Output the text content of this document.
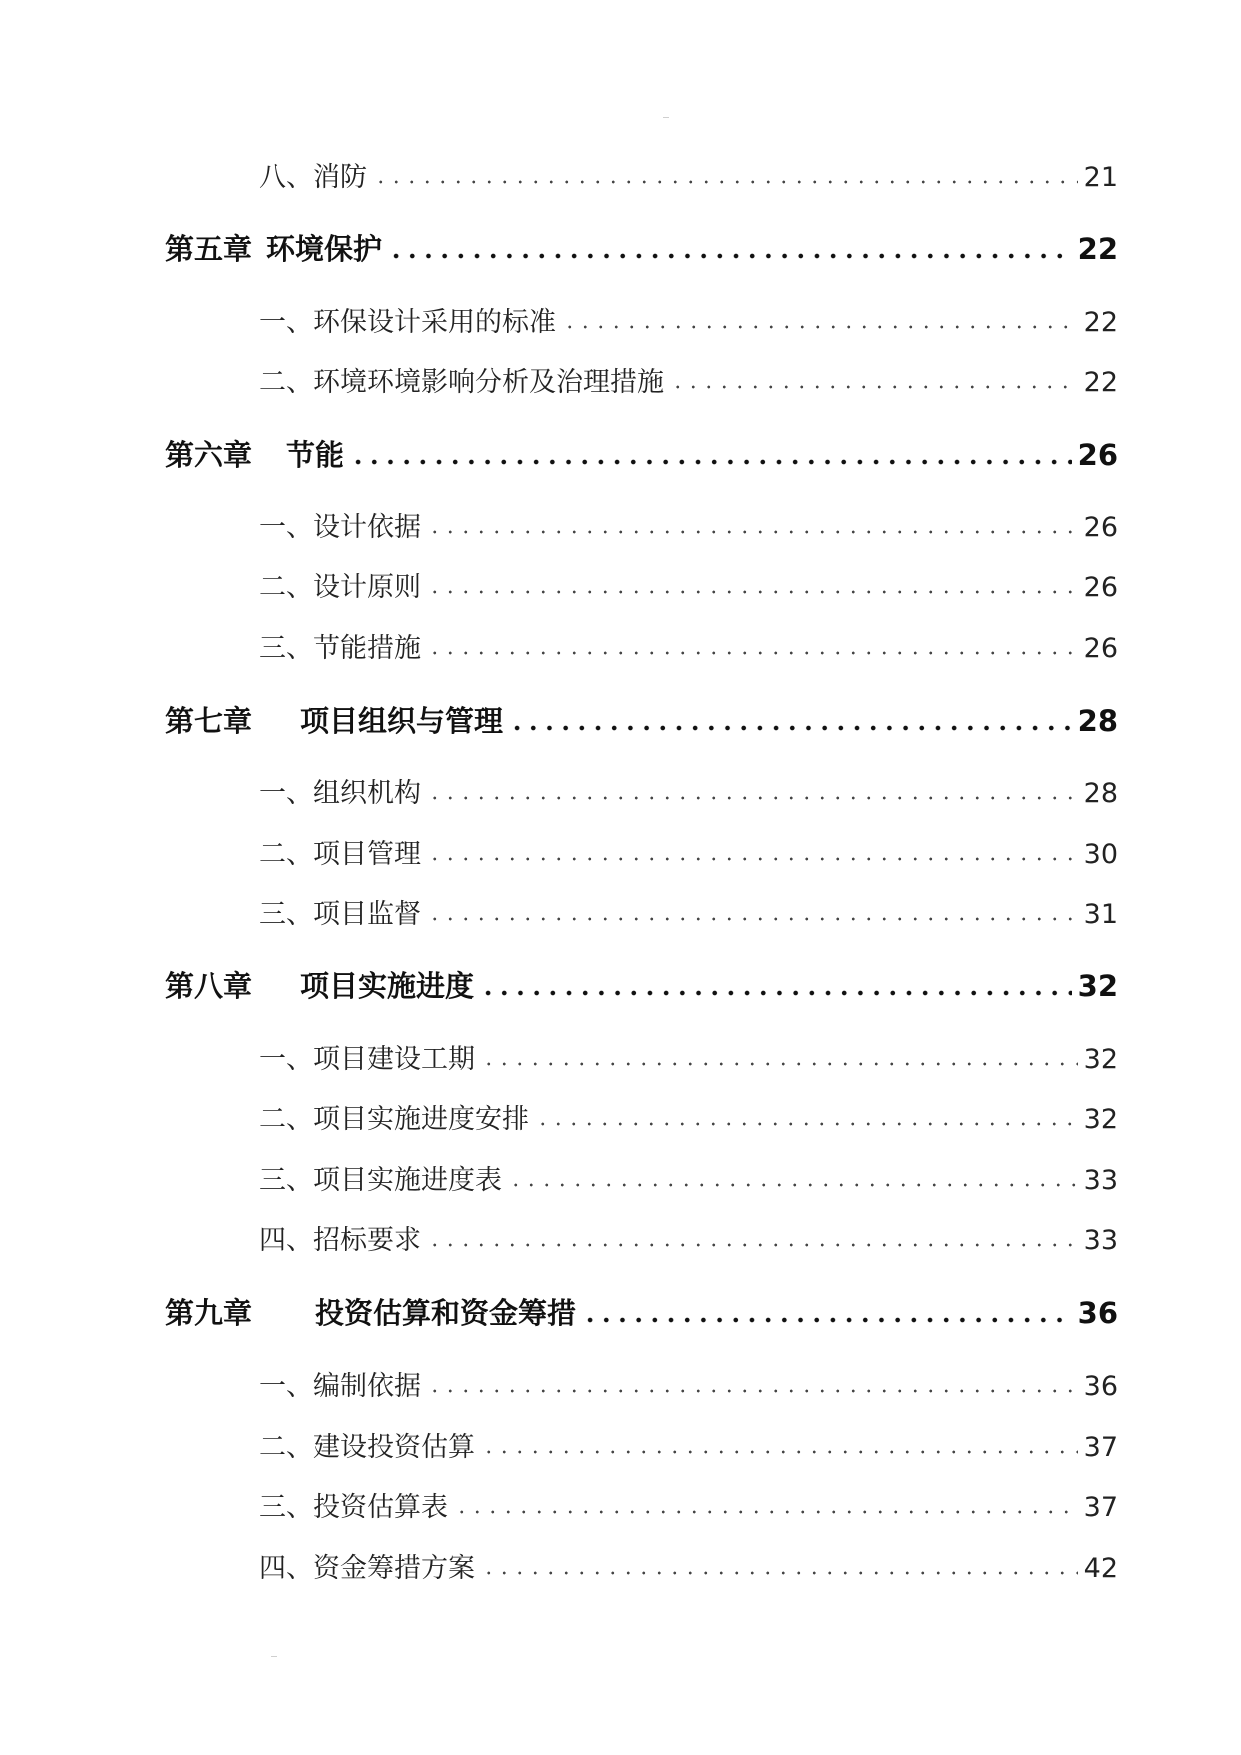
八、消防	21
第五章 环境保护	22
一、环保设计采用的标准	22
二、环境环境影响分析及治理措施	22
第六章 节能	26
一、设计依据	26
二、设计原则	26
三、节能措施	26
第七章 项目组织与管理	28
一、组织机构	28
二、项目管理	30
三、项目监督	31
第八章 项目实施进度	32
一、项目建设工期	32
二、项目实施进度安排	32
三、项目实施进度表	33
四、招标要求	33
第九章 投资估算和资金筹措	36
一、编制依据	36
二、建设投资估算	37
三、投资估算表	37
四、资金筹措方案	42
